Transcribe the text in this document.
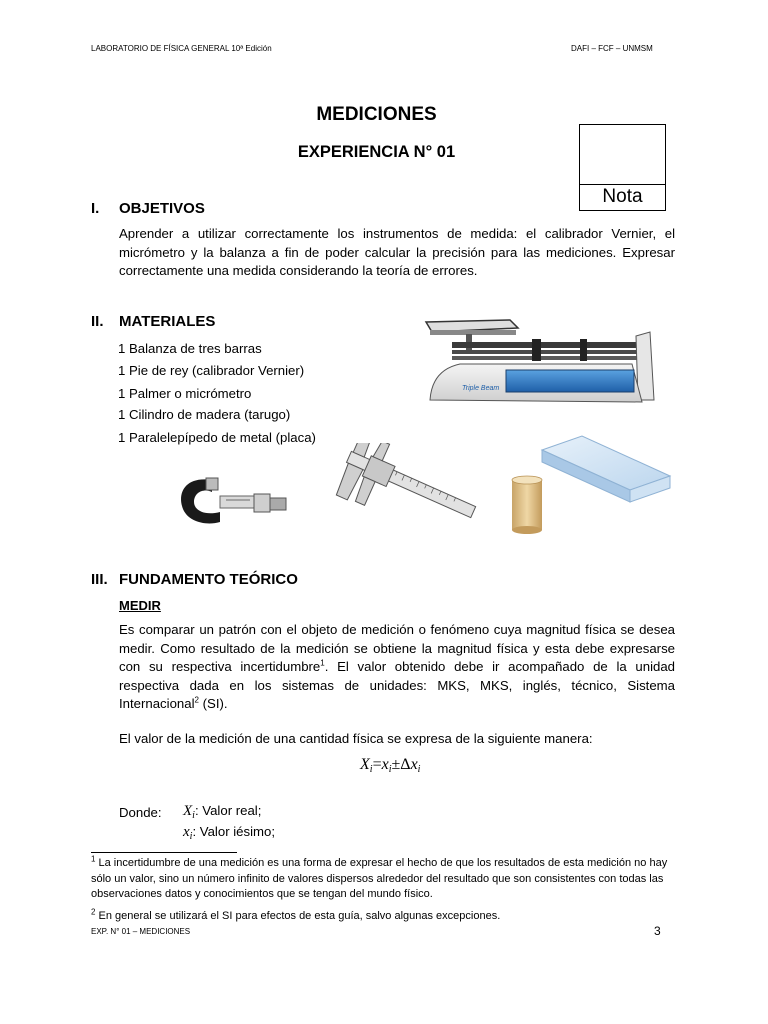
LABORATORIO DE FÍSICA GENERAL 10ª Edición	DAFI – FCF – UNMSM
MEDICIONES
EXPERIENCIA N° 01
Nota
I. OBJETIVOS
Aprender a utilizar correctamente los instrumentos de medida: el calibrador Vernier, el micrómetro y la balanza a fin de poder calcular la precisión para las mediciones. Expresar correctamente una medida considerando la teoría de errores.
II. MATERIALES
1 Balanza de tres barras
1 Pie de rey (calibrador Vernier)
1 Palmer o micrómetro
1 Cilindro de madera (tarugo)
1 Paralelepípedo de metal (placa)
Triple Beam
III. FUNDAMENTO TEÓRICO
MEDIR

Es comparar un patrón con el objeto de medición o fenómeno cuya magnitud física se desea medir. Como resultado de la medición se obtiene la magnitud física y esta debe expresarse con su respectiva incertidumbre$^1$. El valor obtenido debe ir acompañado de la unidad respectiva dada en los sistemas de unidades: MKS, MKS, inglés, técnico, Sistema Internacional$^2$ (SI).

El valor de la medición de una cantidad física se expresa de la siguiente manera:
$X_i=x_i\pm\Delta x_i$
Donde: $X_i$: Valor real;
$x_i$: Valor iésimo;
$^1$ La incertidumbre de una medición es una forma de expresar el hecho de que los resultados de esta medición no hay sólo un valor, sino un número infinito de valores dispersos alrededor del resultado que son consistentes con todas las observaciones datos y conocimientos que se tengan del mundo físico.
$^2$ En general se utilizará el SI para efectos de esta guía, salvo algunas excepciones.
EXP. N° 01 – MEDICIONES	3
